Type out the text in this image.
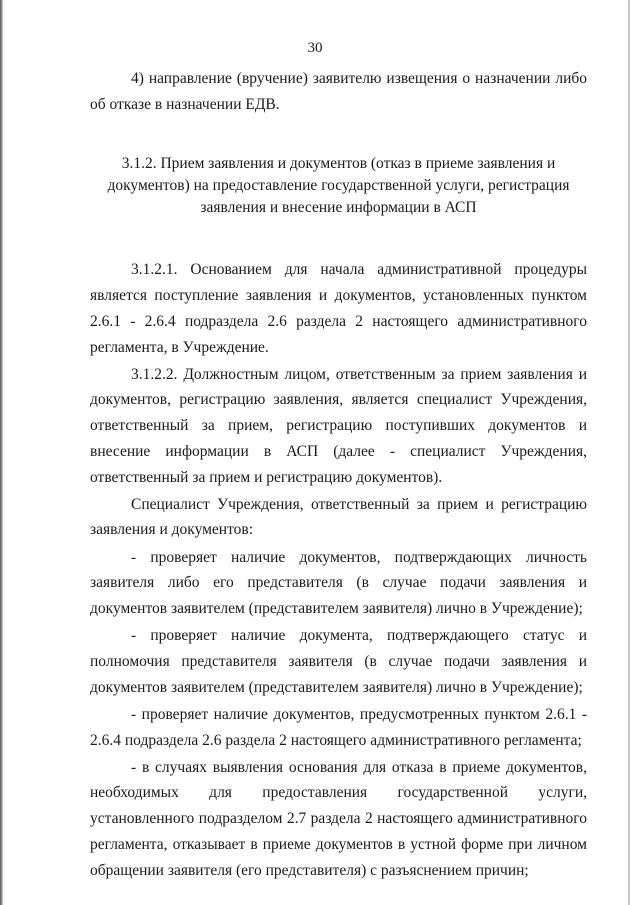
30

4) направление (вручение) заявителю извещения о назначении либо об отказе в назначении ЕДВ.

3.1.2. Прием заявления и документов (отказ в приеме заявления и документов) на предоставление государственной услуги, регистрация заявления и внесение информации в АСП

3.1.2.1. Основанием для начала административной процедуры является поступление заявления и документов, установленных пунктом 2.6.1 - 2.6.4 подраздела 2.6 раздела 2 настоящего административного регламента, в Учреждение.

3.1.2.2. Должностным лицом, ответственным за прием заявления и документов, регистрацию заявления, является специалист Учреждения, ответственный за прием, регистрацию поступивших документов и внесение информации в АСП (далее - специалист Учреждения, ответственный за прием и регистрацию документов).

Специалист Учреждения, ответственный за прием и регистрацию заявления и документов:

- проверяет наличие документов, подтверждающих личность заявителя либо его представителя (в случае подачи заявления и документов заявителем (представителем заявителя) лично в Учреждение);

- проверяет наличие документа, подтверждающего статус и полномочия представителя заявителя (в случае подачи заявления и документов заявителем (представителем заявителя) лично в Учреждение);

- проверяет наличие документов, предусмотренных пунктом 2.6.1 - 2.6.4 подраздела 2.6 раздела 2 настоящего административного регламента;

- в случаях выявления основания для отказа в приеме документов, необходимых для предоставления государственной услуги, установленного подразделом 2.7 раздела 2 настоящего административного регламента, отказывает в приеме документов в устной форме при личном обращении заявителя (его представителя) с разъяснением причин;
